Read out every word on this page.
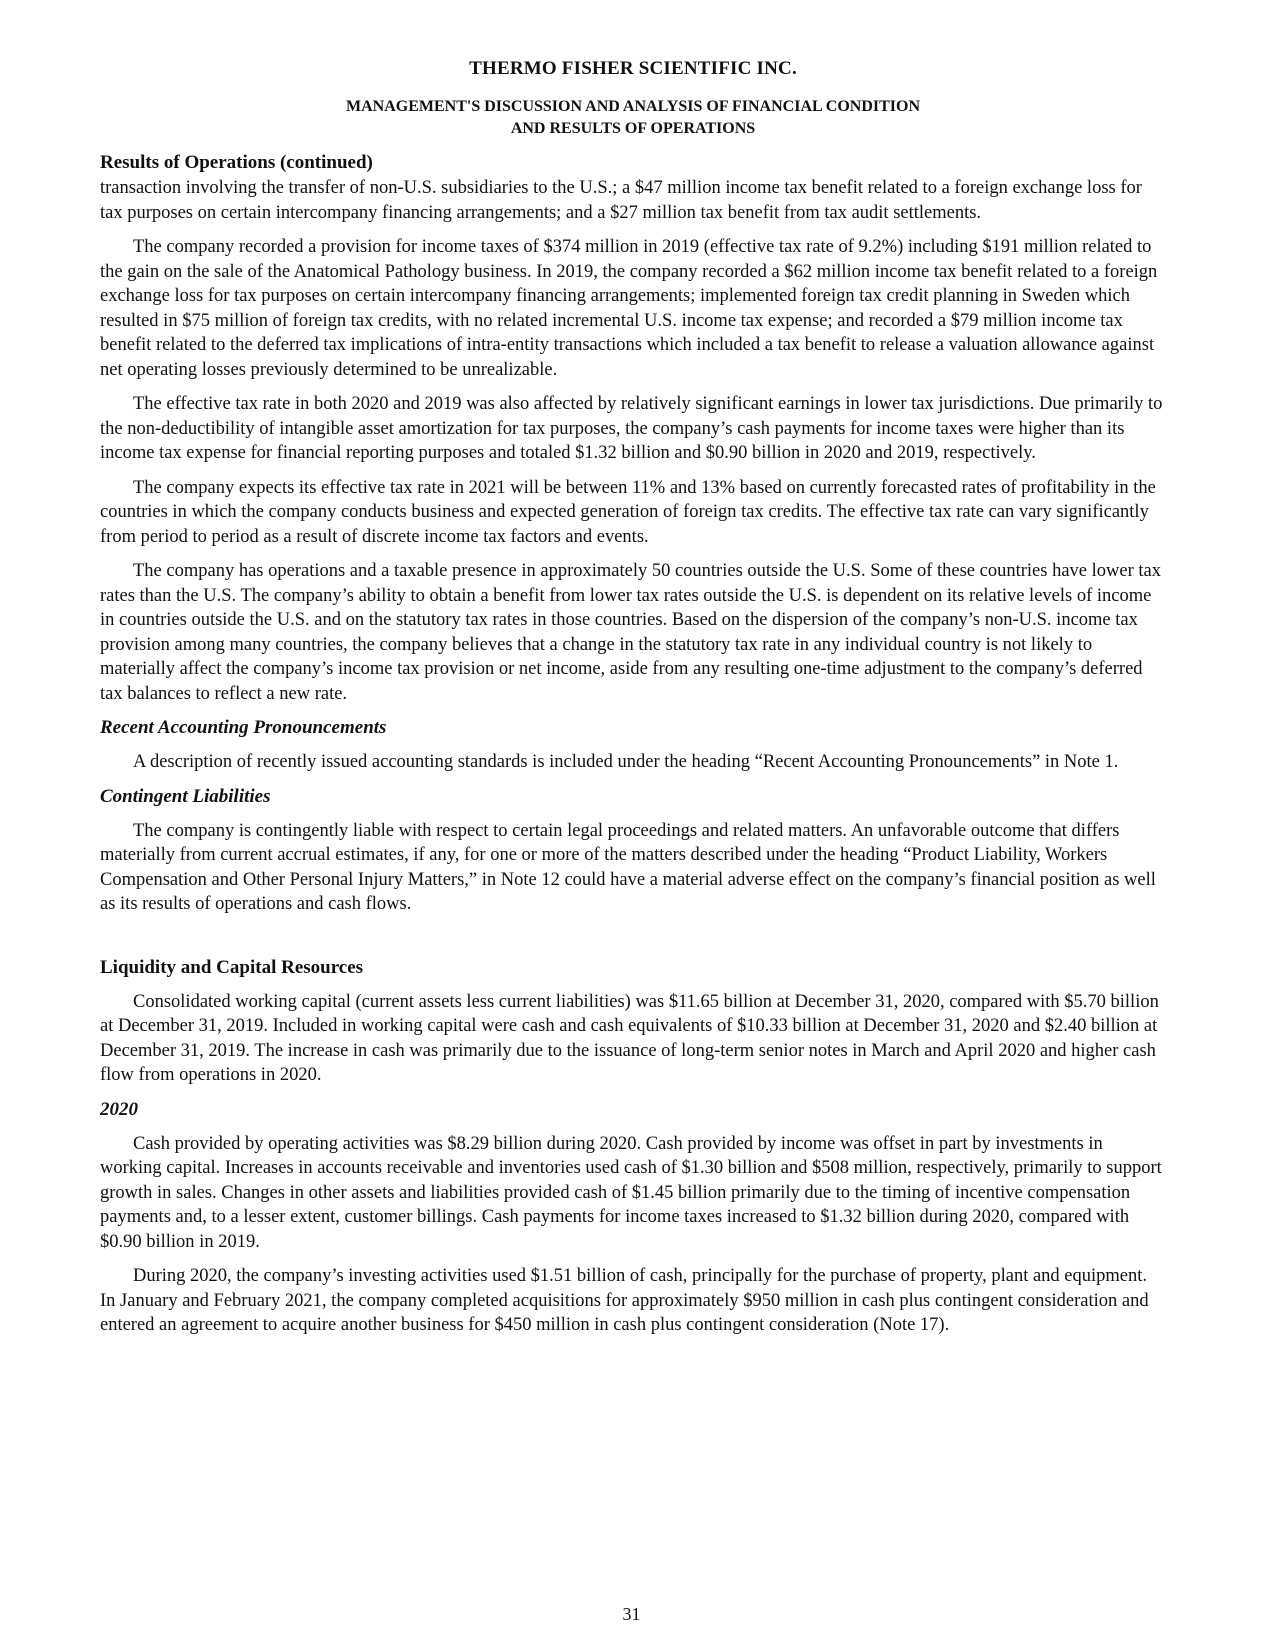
THERMO FISHER SCIENTIFIC INC.
MANAGEMENT'S DISCUSSION AND ANALYSIS OF FINANCIAL CONDITION
AND RESULTS OF OPERATIONS
Results of Operations (continued)

transaction involving the transfer of non-U.S. subsidiaries to the U.S.; a $47 million income tax benefit related to a foreign exchange loss for tax purposes on certain intercompany financing arrangements; and a $27 million tax benefit from tax audit settlements.

The company recorded a provision for income taxes of $374 million in 2019 (effective tax rate of 9.2%) including $191 million related to the gain on the sale of the Anatomical Pathology business. In 2019, the company recorded a $62 million income tax benefit related to a foreign exchange loss for tax purposes on certain intercompany financing arrangements; implemented foreign tax credit planning in Sweden which resulted in $75 million of foreign tax credits, with no related incremental U.S. income tax expense; and recorded a $79 million income tax benefit related to the deferred tax implications of intra-entity transactions which included a tax benefit to release a valuation allowance against net operating losses previously determined to be unrealizable.

The effective tax rate in both 2020 and 2019 was also affected by relatively significant earnings in lower tax jurisdictions. Due primarily to the non-deductibility of intangible asset amortization for tax purposes, the company’s cash payments for income taxes were higher than its income tax expense for financial reporting purposes and totaled $1.32 billion and $0.90 billion in 2020 and 2019, respectively.

The company expects its effective tax rate in 2021 will be between 11% and 13% based on currently forecasted rates of profitability in the countries in which the company conducts business and expected generation of foreign tax credits. The effective tax rate can vary significantly from period to period as a result of discrete income tax factors and events.

The company has operations and a taxable presence in approximately 50 countries outside the U.S. Some of these countries have lower tax rates than the U.S. The company’s ability to obtain a benefit from lower tax rates outside the U.S. is dependent on its relative levels of income in countries outside the U.S. and on the statutory tax rates in those countries. Based on the dispersion of the company’s non-U.S. income tax provision among many countries, the company believes that a change in the statutory tax rate in any individual country is not likely to materially affect the company’s income tax provision or net income, aside from any resulting one-time adjustment to the company’s deferred tax balances to reflect a new rate.

Recent Accounting Pronouncements

A description of recently issued accounting standards is included under the heading “Recent Accounting Pronouncements” in Note 1.

Contingent Liabilities

The company is contingently liable with respect to certain legal proceedings and related matters. An unfavorable outcome that differs materially from current accrual estimates, if any, for one or more of the matters described under the heading “Product Liability, Workers Compensation and Other Personal Injury Matters,” in Note 12 could have a material adverse effect on the company’s financial position as well as its results of operations and cash flows.

Liquidity and Capital Resources

Consolidated working capital (current assets less current liabilities) was $11.65 billion at December 31, 2020, compared with $5.70 billion at December 31, 2019. Included in working capital were cash and cash equivalents of $10.33 billion at December 31, 2020 and $2.40 billion at December 31, 2019. The increase in cash was primarily due to the issuance of long-term senior notes in March and April 2020 and higher cash flow from operations in 2020.

2020

Cash provided by operating activities was $8.29 billion during 2020. Cash provided by income was offset in part by investments in working capital. Increases in accounts receivable and inventories used cash of $1.30 billion and $508 million, respectively, primarily to support growth in sales. Changes in other assets and liabilities provided cash of $1.45 billion primarily due to the timing of incentive compensation payments and, to a lesser extent, customer billings. Cash payments for income taxes increased to $1.32 billion during 2020, compared with $0.90 billion in 2019.

During 2020, the company’s investing activities used $1.51 billion of cash, principally for the purchase of property, plant and equipment. In January and February 2021, the company completed acquisitions for approximately $950 million in cash plus contingent consideration and entered an agreement to acquire another business for $450 million in cash plus contingent consideration (Note 17).

31
